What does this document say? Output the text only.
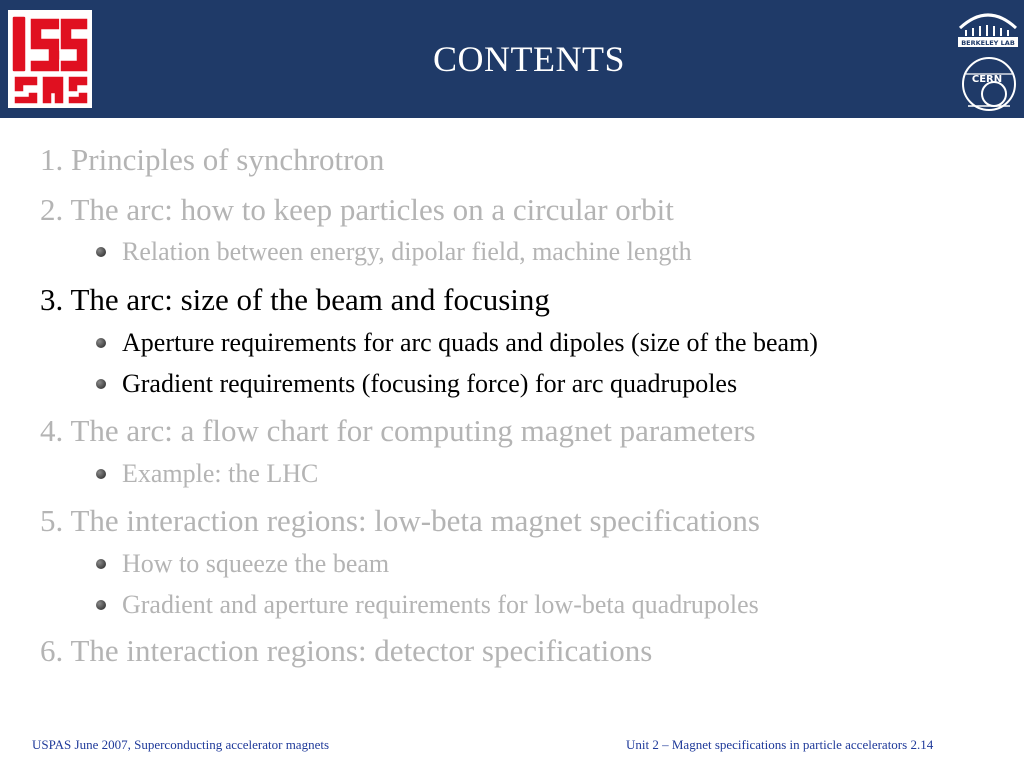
CONTENTS	BERKELEY LAB
CERN
1. Principles of synchrotron
2. The arc: how to keep particles on a circular orbit
Relation between energy, dipolar field, machine length
3. The arc: size of the beam and focusing
Aperture requirements for arc quads and dipoles (size of the beam)
Gradient requirements (focusing force) for arc quadrupoles
4. The arc: a flow chart for computing magnet parameters
Example: the LHC
5. The interaction regions: low-beta magnet specifications
How to squeeze the beam
Gradient and aperture requirements for low-beta quadrupoles
6. The interaction regions: detector specifications
USPAS June 2007, Superconducting accelerator magnets	Unit 2 – Magnet specifications in particle accelerators 2.14
